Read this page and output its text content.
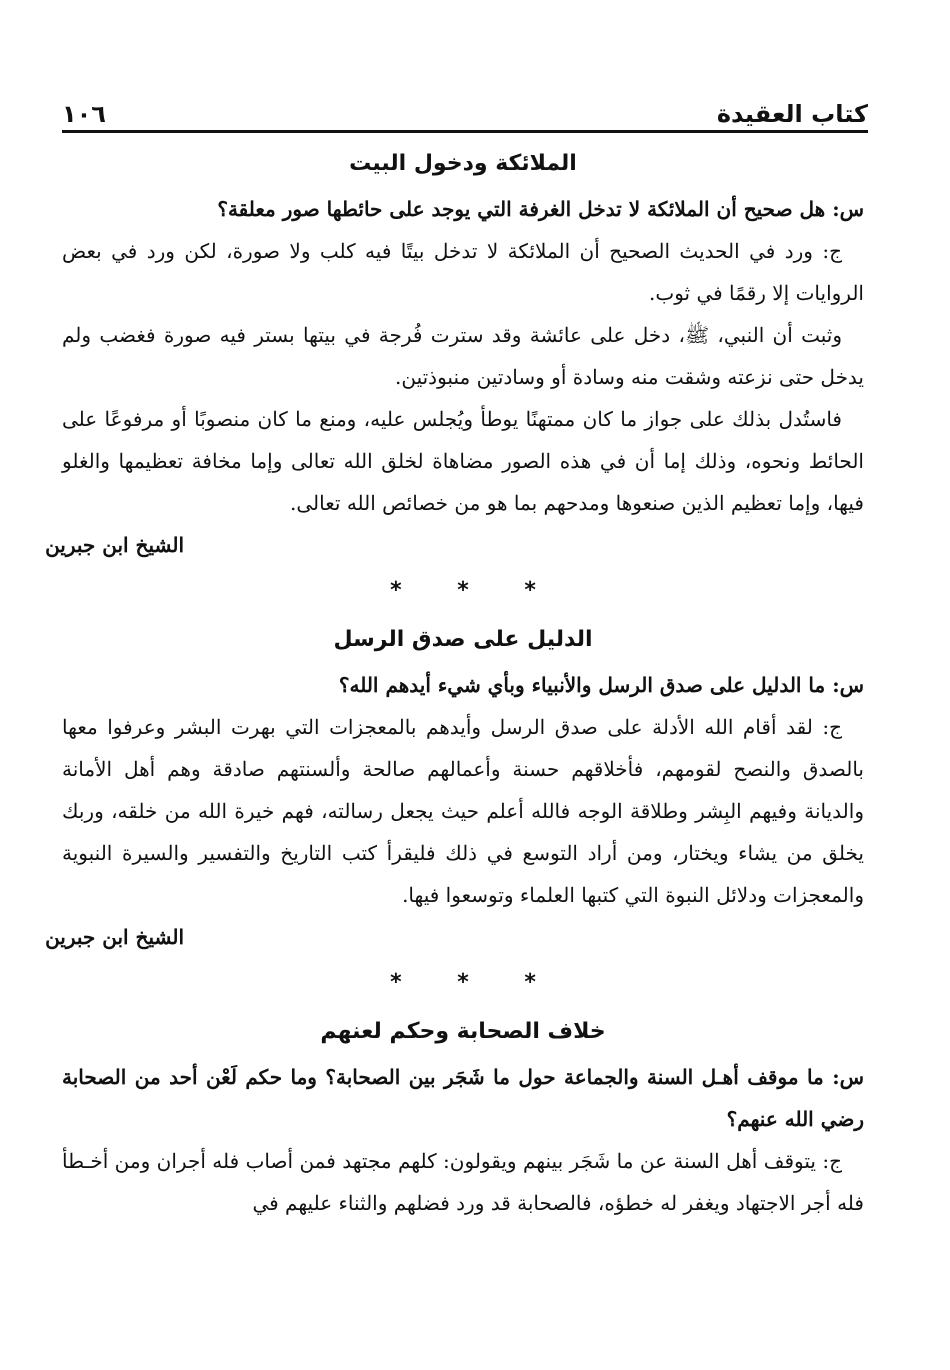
كتاب العقيدة
١٠٦
الملائكة ودخول البيت

س: هل صحيح أن الملائكة لا تدخل الغرفة التي يوجد على حائطها صور معلقة؟

ج: ورد في الحديث الصحيح أن الملائكة لا تدخل بيتًا فيه كلب ولا صورة، لكن ورد في بعض الروايات إلا رقمًا في ثوب.

وثبت أن النبي، ﷺ، دخل على عائشة وقد سترت فُرجة في بيتها بستر فيه صورة فغضب ولم يدخل حتى نزعته وشقت منه وسادة أو وسادتين منبوذتين.

فاستُدل بذلك على جواز ما كان ممتهنًا يوطأ ويُجلس عليه، ومنع ما كان منصوبًا أو مرفوعًا على الحائط ونحوه، وذلك إما أن في هذه الصور مضاهاة لخلق الله تعالى وإما مخافة تعظيمها والغلو فيها، وإما تعظيم الذين صنعوها ومدحهم بما هو من خصائص الله تعالى.

الشيخ ابن جبرين

* * *
الدليل على صدق الرسل

س: ما الدليل على صدق الرسل والأنبياء وبأي شيء أيدهم الله؟

ج: لقد أقام الله الأدلة على صدق الرسل وأيدهم بالمعجزات التي بهرت البشر وعرفوا معها بالصدق والنصح لقومهم، فأخلاقهم حسنة وأعمالهم صالحة وألسنتهم صادقة وهم أهل الأمانة والديانة وفيهم البِشر وطلاقة الوجه فالله أعلم حيث يجعل رسالته، فهم خيرة الله من خلقه، وربك يخلق من يشاء ويختار، ومن أراد التوسع في ذلك فليقرأ كتب التاريخ والتفسير والسيرة النبوية والمعجزات ودلائل النبوة التي كتبها العلماء وتوسعوا فيها.

الشيخ ابن جبرين

* * *
خلاف الصحابة وحكم لعنهم

س: ما موقف أهـل السنة والجماعة حول ما شَجَر بين الصحابة؟ وما حكم لَعْن أحد من الصحابة رضي الله عنهم؟

ج: يتوقف أهل السنة عن ما شَجَر بينهم ويقولون: كلهم مجتهد فمن أصاب فله أجران ومن أخـطأ فله أجر الاجتهاد ويغفر له خطؤه، فالصحابة قد ورد فضلهم والثناء عليهم في
